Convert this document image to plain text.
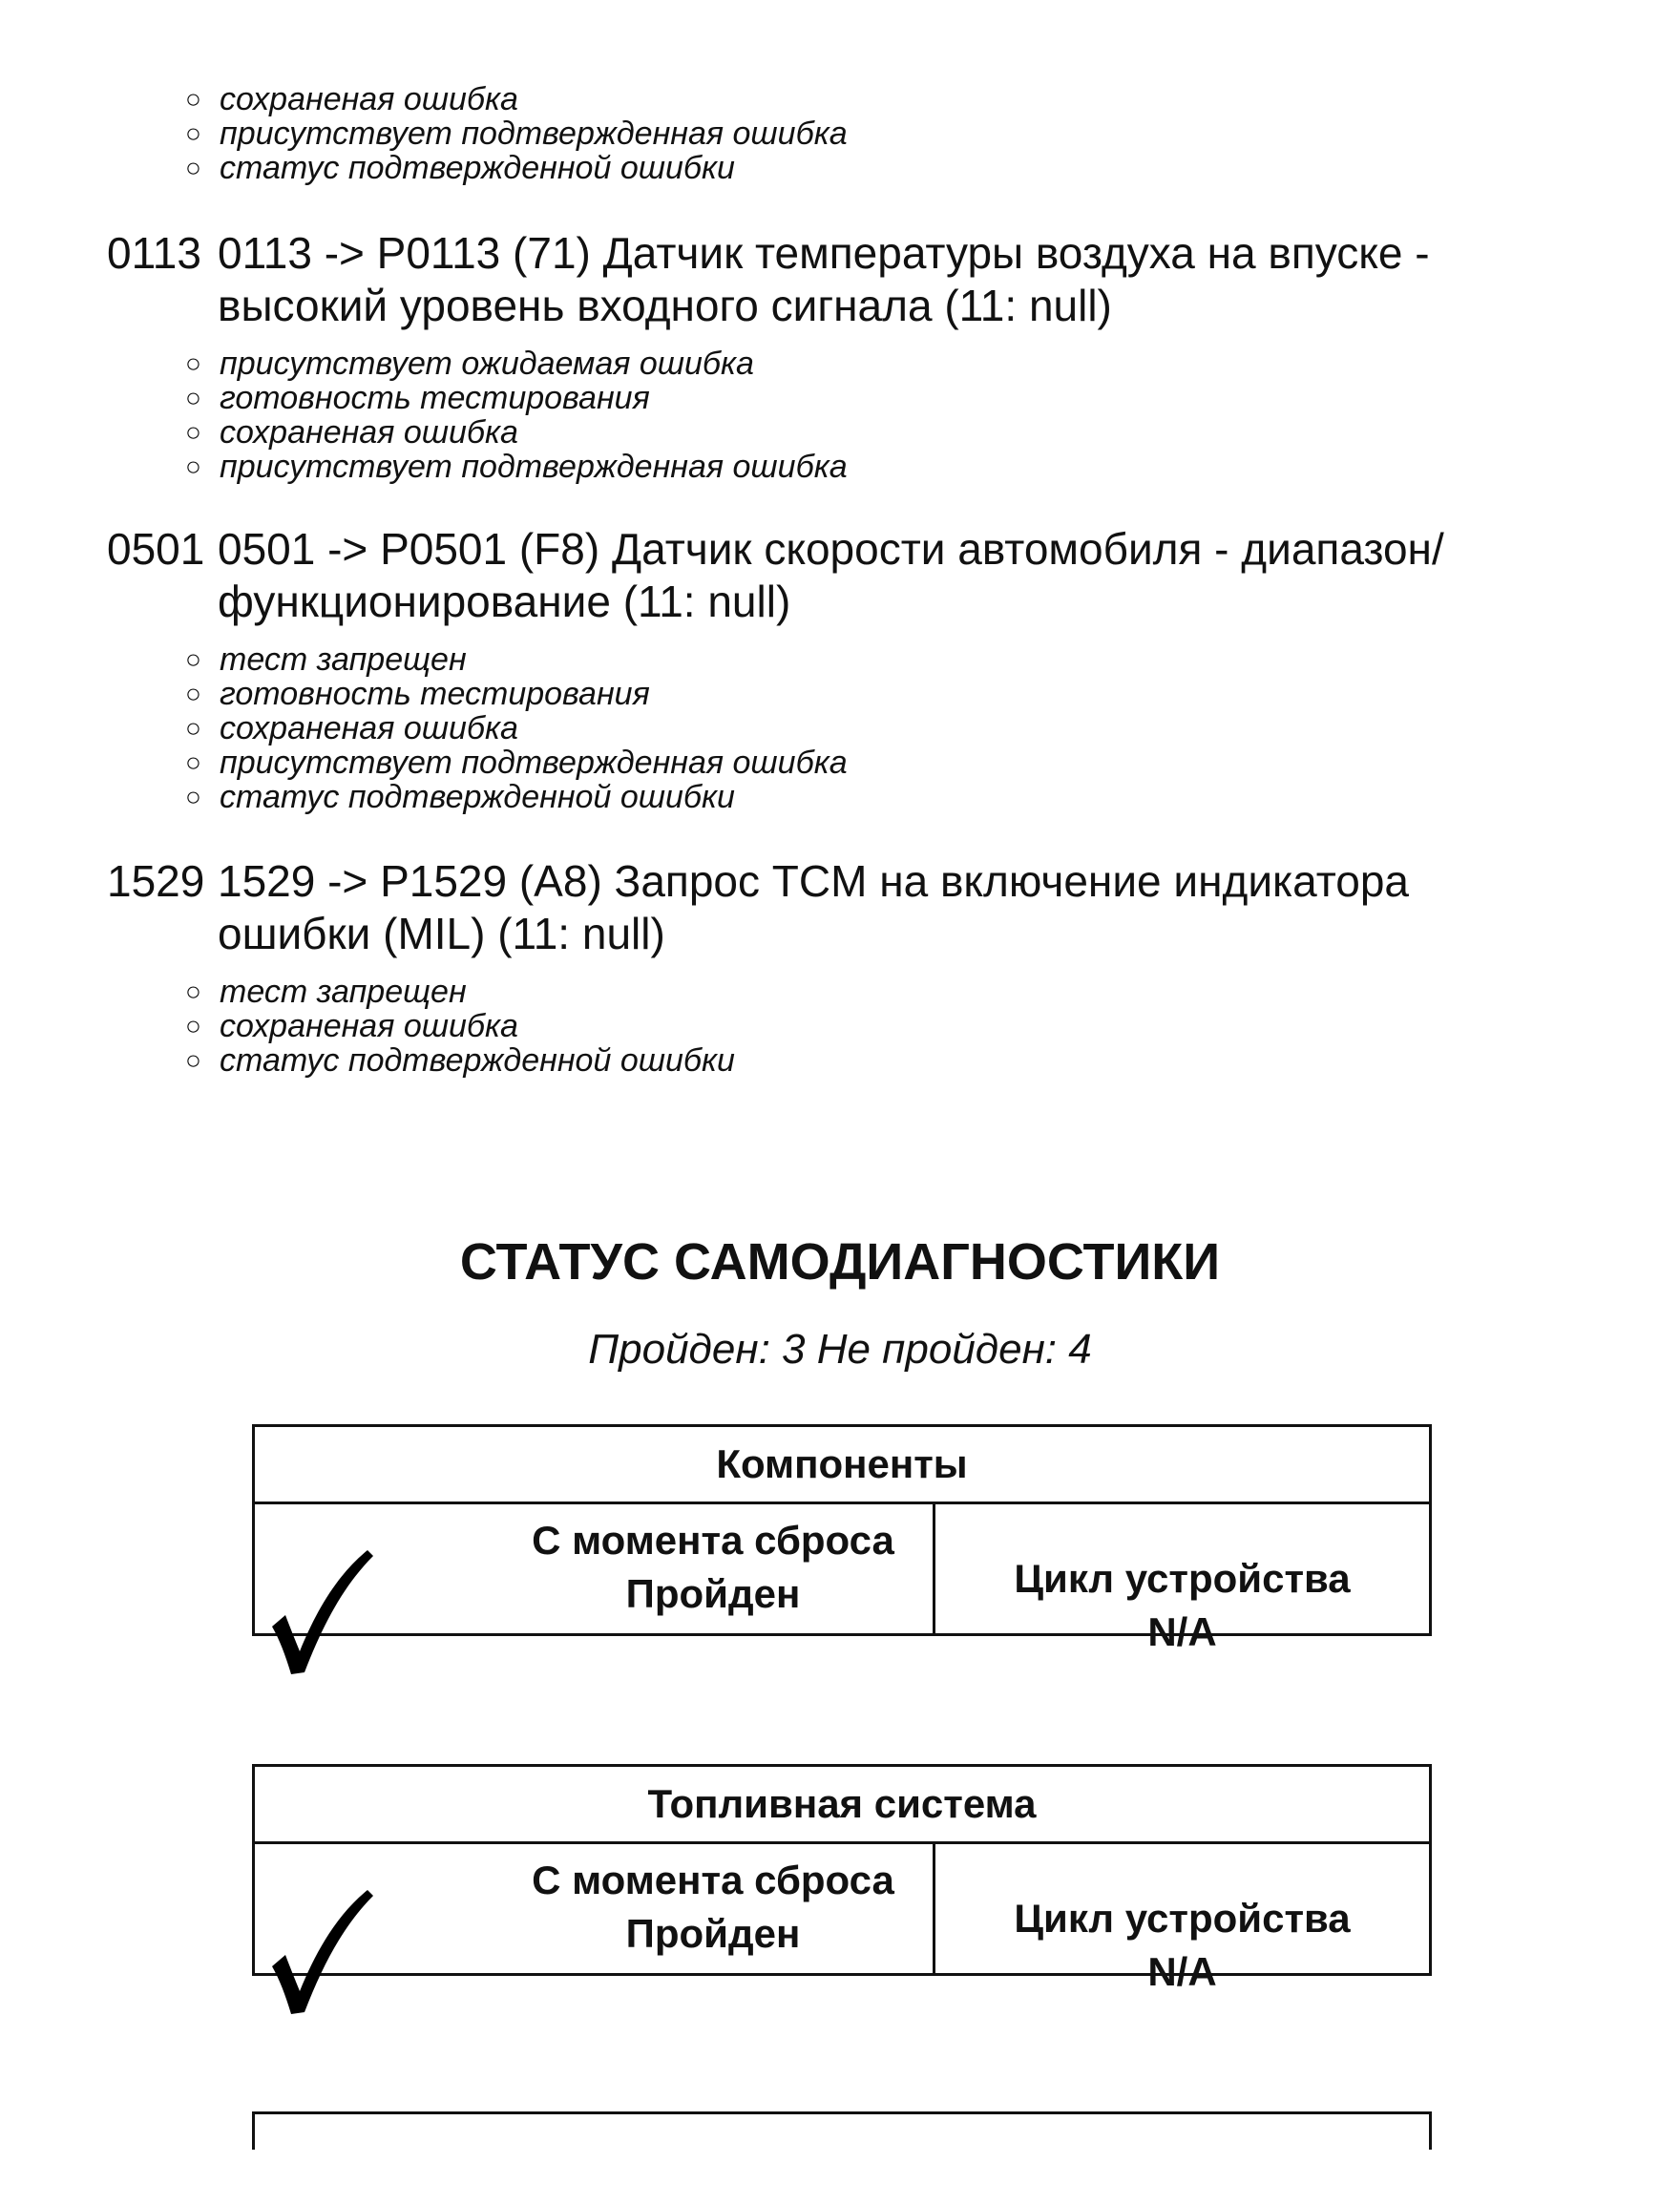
○ сохраненая ошибка
○ присутствует подтвержденная ошибка
○ статус подтвержденной ошибки
0113 0113 -> P0113 (71) Датчик температуры воздуха на впуске -
высокий уровень входного сигнала (11: null)
○ присутствует ожидаемая ошибка
○ готовность тестирования
○ сохраненая ошибка
○ присутствует подтвержденная ошибка
0501 0501 -> P0501 (F8) Датчик скорости автомобиля - диапазон/
функционирование (11: null)
○ тест запрещен
○ готовность тестирования
○ сохраненая ошибка
○ присутствует подтвержденная ошибка
○ статус подтвержденной ошибки
1529 1529 -> P1529 (A8) Запрос TCM на включение индикатора
ошибки (MIL) (11: null)
○ тест запрещен
○ сохраненая ошибка
○ статус подтвержденной ошибки
СТАТУС САМОДИАГНОСТИКИ
Пройден: 3 Не пройден: 4
Компоненты
С момента сброса
Пройден	Цикл устройства
N/A
Топливная система
С момента сброса
Пройден	Цикл устройства
N/A
